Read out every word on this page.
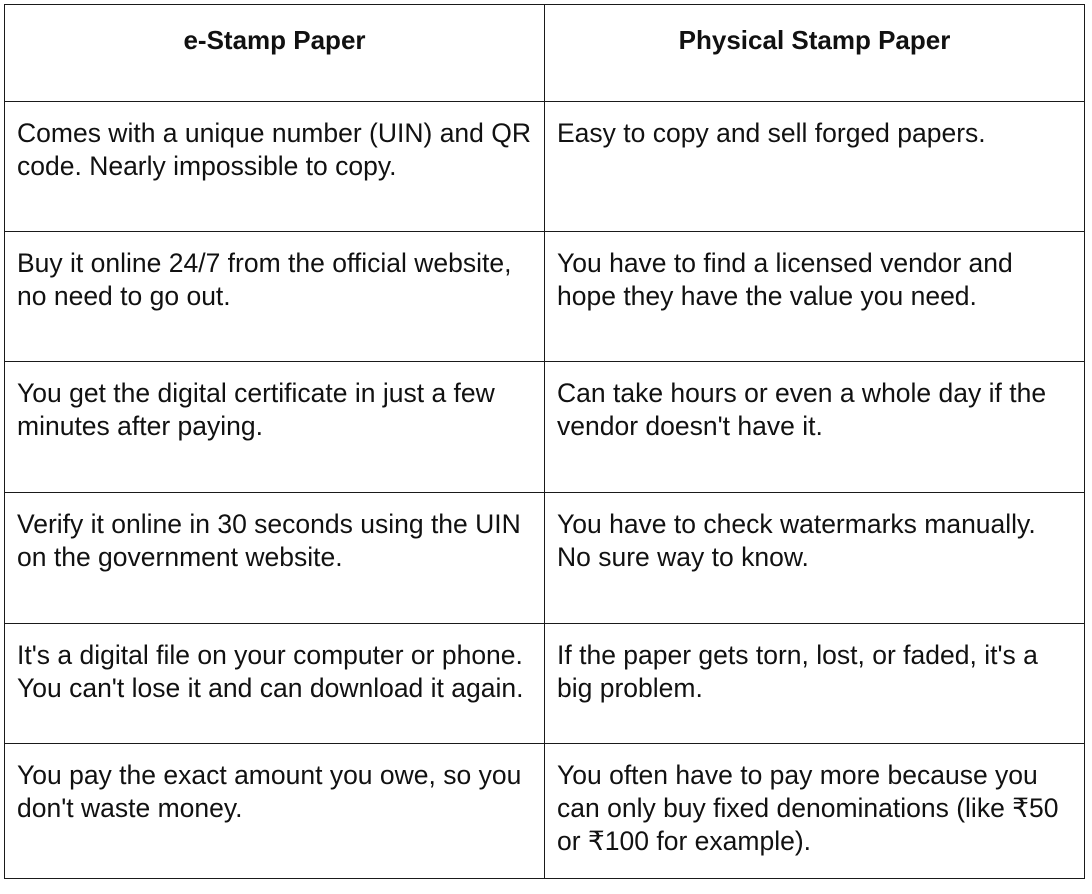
e-Stamp Paper	Physical Stamp Paper
Comes with a unique number (UIN) and QR code. Nearly impossible to copy.	Easy to copy and sell forged papers.
Buy it online 24/7 from the official website, no need to go out.	You have to find a licensed vendor and hope they have the value you need.
You get the digital certificate in just a few minutes after paying.	Can take hours or even a whole day if the vendor doesn't have it.
Verify it online in 30 seconds using the UIN on the government website.	You have to check watermarks manually. No sure way to know.
It's a digital file on your computer or phone. You can't lose it and can download it again.	If the paper gets torn, lost, or faded, it's a big problem.
You pay the exact amount you owe, so you don't waste money.	You often have to pay more because you can only buy fixed denominations (like ₹50 or ₹100 for example).
